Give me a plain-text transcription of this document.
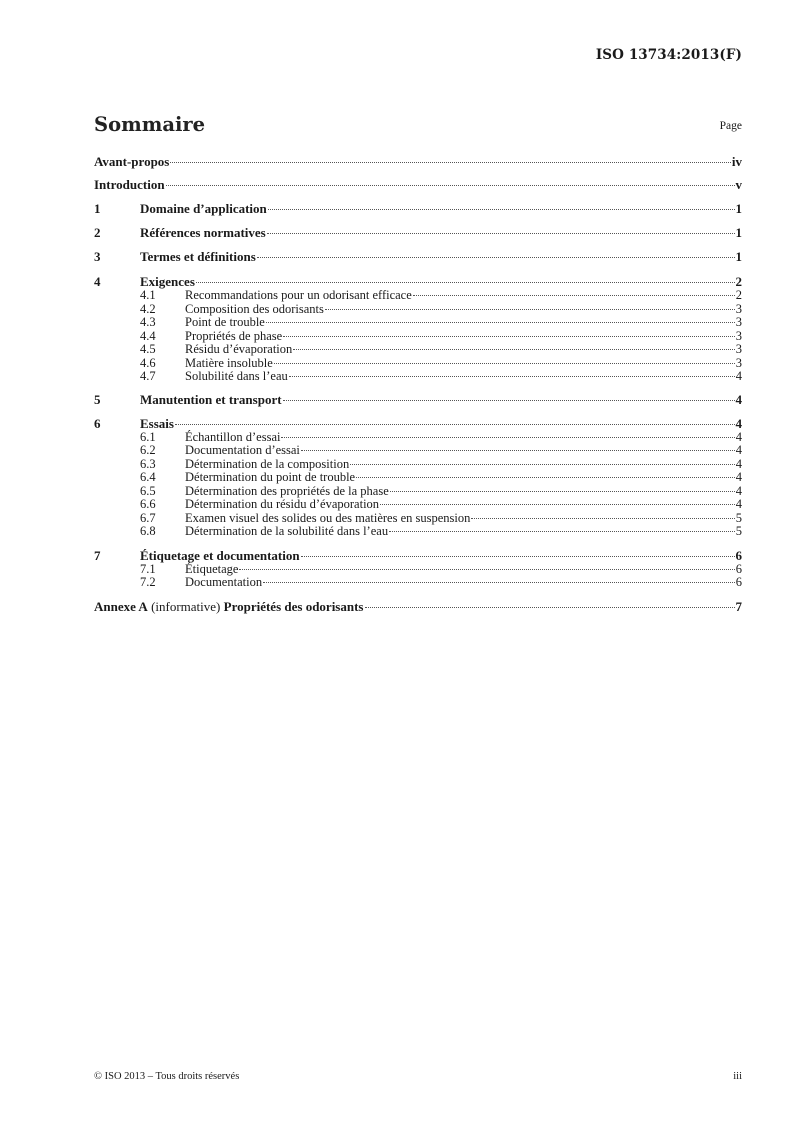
ISO 13734:2013(F)
Sommaire	Page
Avant-propos	iv
Introduction	v
1	Domaine d’application	1
2	Références normatives	1
3	Termes et définitions	1
4	Exigences	2
4.1	Recommandations pour un odorisant efficace	2
4.2	Composition des odorisants	3
4.3	Point de trouble	3
4.4	Propriétés de phase	3
4.5	Résidu d’évaporation	3
4.6	Matière insoluble	3
4.7	Solubilité dans l’eau	4
5	Manutention et transport	4
6	Essais	4
6.1	Échantillon d’essai	4
6.2	Documentation d’essai	4
6.3	Détermination de la composition	4
6.4	Détermination du point de trouble	4
6.5	Détermination des propriétés de la phase	4
6.6	Détermination du résidu d’évaporation	4
6.7	Examen visuel des solides ou des matières en suspension	5
6.8	Détermination de la solubilité dans l’eau	5
7	Étiquetage et documentation	6
7.1	Étiquetage	6
7.2	Documentation	6
Annexe A (informative) Propriétés des odorisants	7
© ISO 2013 – Tous droits réservés	iii
